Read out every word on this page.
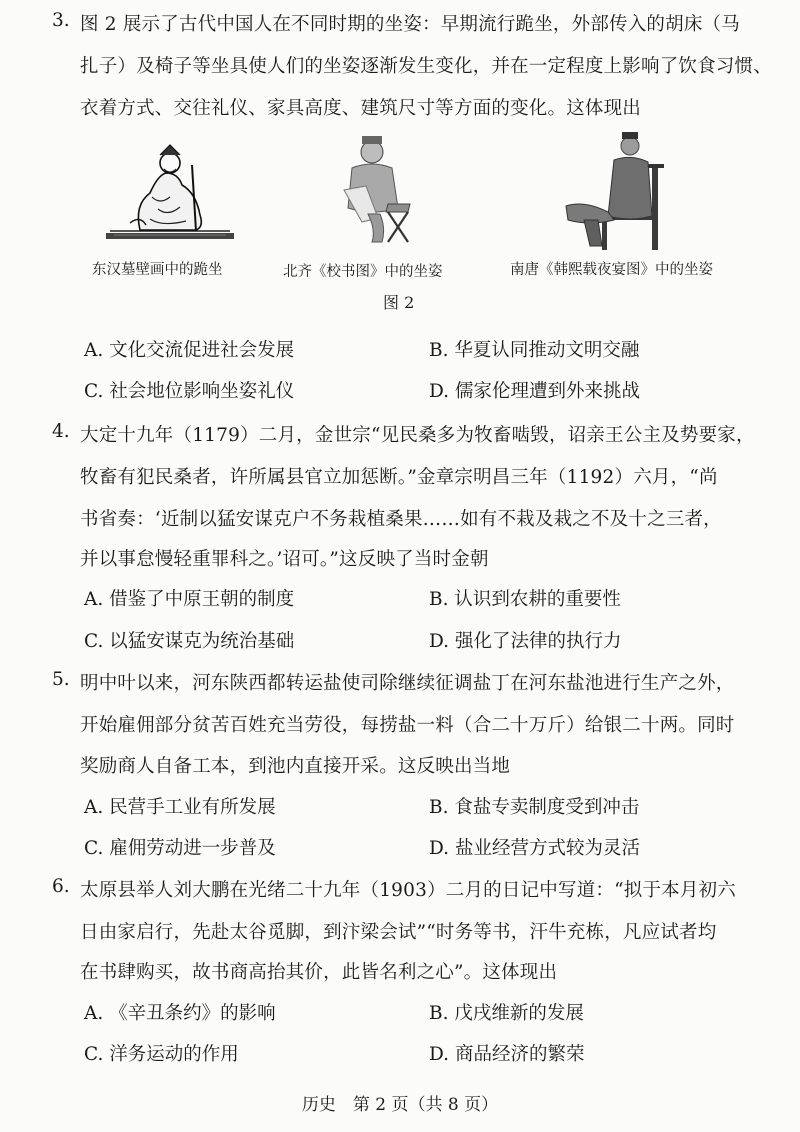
3. 图 2 展示了古代中国人在不同时期的坐姿：早期流行跪坐，外部传入的胡床（马
扎子）及椅子等坐具使人们的坐姿逐渐发生变化，并在一定程度上影响了饮食习惯、
衣着方式、交往礼仪、家具高度、建筑尺寸等方面的变化。这体现出
东汉墓壁画中的跪坐	北齐《校书图》中的坐姿	南唐《韩熙载夜宴图》中的坐姿
图 2
A. 文化交流促进社会发展	B. 华夏认同推动文明交融
C. 社会地位影响坐姿礼仪	D. 儒家伦理遭到外来挑战
4. 大定十九年（1179）二月，金世宗“见民桑多为牧畜啮毁，诏亲王公主及势要家，
牧畜有犯民桑者，许所属县官立加惩断。”金章宗明昌三年（1192）六月，“尚
书省奏：‘近制以猛安谋克户不务栽植桑果……如有不栽及栽之不及十之三者，
并以事怠慢轻重罪科之。’诏可。”这反映了当时金朝
A. 借鉴了中原王朝的制度	B. 认识到农耕的重要性
C. 以猛安谋克为统治基础	D. 强化了法律的执行力
5. 明中叶以来，河东陕西都转运盐使司除继续征调盐丁在河东盐池进行生产之外，
开始雇佣部分贫苦百姓充当劳役，每捞盐一料（合二十万斤）给银二十两。同时
奖励商人自备工本，到池内直接开采。这反映出当地
A. 民营手工业有所发展	B. 食盐专卖制度受到冲击
C. 雇佣劳动进一步普及	D. 盐业经营方式较为灵活
6. 太原县举人刘大鹏在光绪二十九年（1903）二月的日记中写道：“拟于本月初六
日由家启行，先赴太谷觅脚，到汴梁会试”“时务等书，汗牛充栋，凡应试者均
在书肆购买，故书商高抬其价，此皆名利之心”。这体现出
A. 《辛丑条约》的影响	B. 戊戌维新的发展
C. 洋务运动的作用	D. 商品经济的繁荣
历史　第 2 页（共 8 页）
